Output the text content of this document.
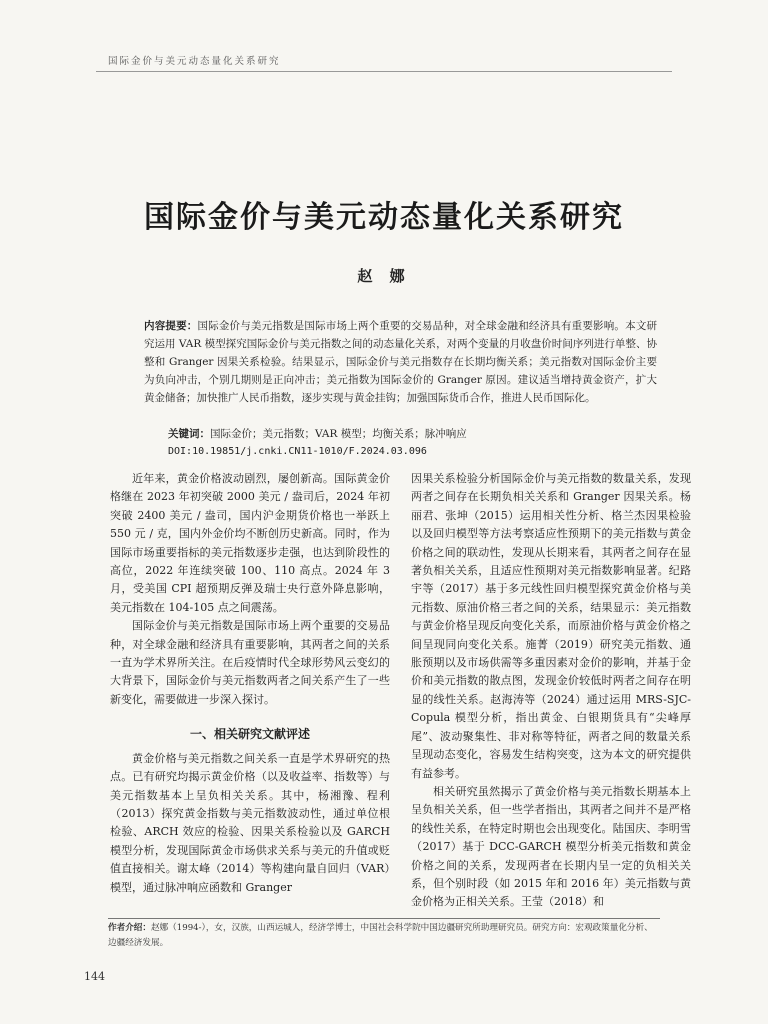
国际金价与美元动态量化关系研究
国际金价与美元动态量化关系研究
赵 娜
内容提要：国际金价与美元指数是国际市场上两个重要的交易品种，对全球金融和经济具有重要影响。本文研究运用 VAR 模型探究国际金价与美元指数之间的动态量化关系，对两个变量的月收盘价时间序列进行单整、协整和 Granger 因果关系检验。结果显示，国际金价与美元指数存在长期均衡关系；美元指数对国际金价主要为负向冲击，个别几期则是正向冲击；美元指数为国际金价的 Granger 原因。建议适当增持黄金资产，扩大黄金储备；加快推广人民币指数，逐步实现与黄金挂钩；加强国际货币合作，推进人民币国际化。
关键词：国际金价；美元指数；VAR 模型；均衡关系；脉冲响应
DOI:10.19851/j.cnki.CN11-1010/F.2024.03.096

近年来，黄金价格波动剧烈，屡创新高。国际黄金价格继在 2023 年初突破 2000 美元 / 盎司后，2024 年初突破 2400 美元 / 盎司，国内沪金期货价格也一举跃上 550 元 / 克，国内外金价均不断创历史新高。同时，作为国际市场重要指标的美元指数逐步走强，也达到阶段性的高位，2022 年连续突破 100、110 高点。2024 年 3 月，受美国 CPI 超预期反弹及瑞士央行意外降息影响，美元指数在 104-105 点之间震荡。

国际金价与美元指数是国际市场上两个重要的交易品种，对全球金融和经济具有重要影响，其两者之间的关系一直为学术界所关注。在后疫情时代全球形势风云变幻的大背景下，国际金价与美元指数两者之间关系产生了一些新变化，需要做进一步深入探讨。

一、相关研究文献评述

黄金价格与美元指数之间关系一直是学术界研究的热点。已有研究均揭示黄金价格（以及收益率、指数等）与美元指数基本上呈负相关关系。其中，杨湘豫、程利（2013）探究黄金指数与美元指数波动性，通过单位根检验、ARCH 效应的检验、因果关系检验以及 GARCH 模型分析，发现国际黄金市场供求关系与美元的升值或贬值直接相关。谢太峰（2014）等构建向量自回归（VAR）模型，通过脉冲响应函数和 Granger

因果关系检验分析国际金价与美元指数的数量关系，发现两者之间存在长期负相关关系和 Granger 因果关系。杨丽君、张坤（2015）运用相关性分析、格兰杰因果检验以及回归模型等方法考察适应性预期下的美元指数与黄金价格之间的联动性，发现从长期来看，其两者之间存在显著负相关关系，且适应性预期对美元指数影响显著。纪路宇等（2017）基于多元线性回归模型探究黄金价格与美元指数、原油价格三者之间的关系，结果显示：美元指数与黄金价格呈现反向变化关系，而原油价格与黄金价格之间呈现同向变化关系。施菁（2019）研究美元指数、通胀预期以及市场供需等多重因素对金价的影响，并基于金价和美元指数的散点图，发现金价较低时两者之间存在明显的线性关系。赵海涛等（2024）通过运用 MRS-SJC-Copula 模型分析，指出黄金、白银期货具有“尖峰厚尾”、波动聚集性、非对称等特征，两者之间的数量关系呈现动态变化，容易发生结构突变，这为本文的研究提供有益参考。

相关研究虽然揭示了黄金价格与美元指数长期基本上呈负相关关系，但一些学者指出，其两者之间并不是严格的线性关系，在特定时期也会出现变化。陆国庆、李明雪（2017）基于 DCC-GARCH 模型分析美元指数和黄金价格之间的关系，发现两者在长期内呈一定的负相关关系，但个别时段（如 2015 年和 2016 年）美元指数与黄金价格为正相关关系。王莹（2018）和

作者介绍：赵娜（1994-），女，汉族，山西运城人，经济学博士，中国社会科学院中国边疆研究所助理研究员。研究方向：宏观政策量化分析、边疆经济发展。
144
